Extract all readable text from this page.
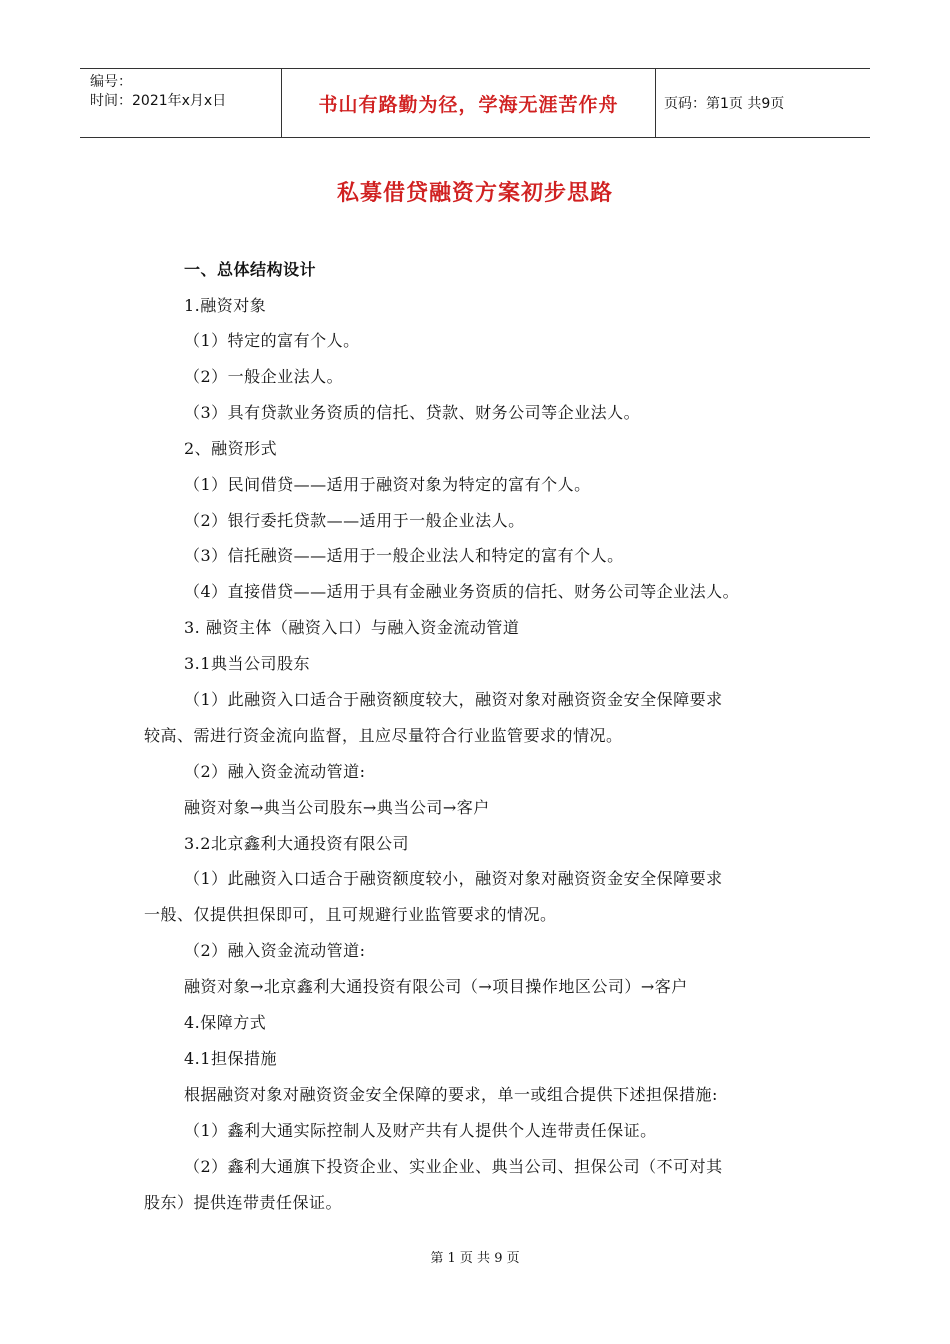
编号：
时间：2021年x月x日	书山有路勤为径，学海无涯苦作舟	页码：第1页 共9页
私募借贷融资方案初步思路
一、总体结构设计
1.融资对象
（1）特定的富有个人。
（2）一般企业法人。
（3）具有贷款业务资质的信托、贷款、财务公司等企业法人。
2、融资形式
（1）民间借贷——适用于融资对象为特定的富有个人。
（2）银行委托贷款——适用于一般企业法人。
（3）信托融资——适用于一般企业法人和特定的富有个人。
（4）直接借贷——适用于具有金融业务资质的信托、财务公司等企业法人。
3. 融资主体（融资入口）与融入资金流动管道
3.1典当公司股东
（1）此融资入口适合于融资额度较大，融资对象对融资资金安全保障要求
较高、需进行资金流向监督，且应尽量符合行业监管要求的情况。
（2）融入资金流动管道:
融资对象→典当公司股东→典当公司→客户
3.2北京鑫利大通投资有限公司
（1）此融资入口适合于融资额度较小，融资对象对融资资金安全保障要求
一般、仅提供担保即可，且可规避行业监管要求的情况。
（2）融入资金流动管道:
融资对象→北京鑫利大通投资有限公司（→项目操作地区公司）→客户
4.保障方式
4.1担保措施
根据融资对象对融资资金安全保障的要求，单一或组合提供下述担保措施:
（1）鑫利大通实际控制人及财产共有人提供个人连带责任保证。
（2）鑫利大通旗下投资企业、实业企业、典当公司、担保公司（不可对其
股东）提供连带责任保证。
第 1 页 共 9 页
